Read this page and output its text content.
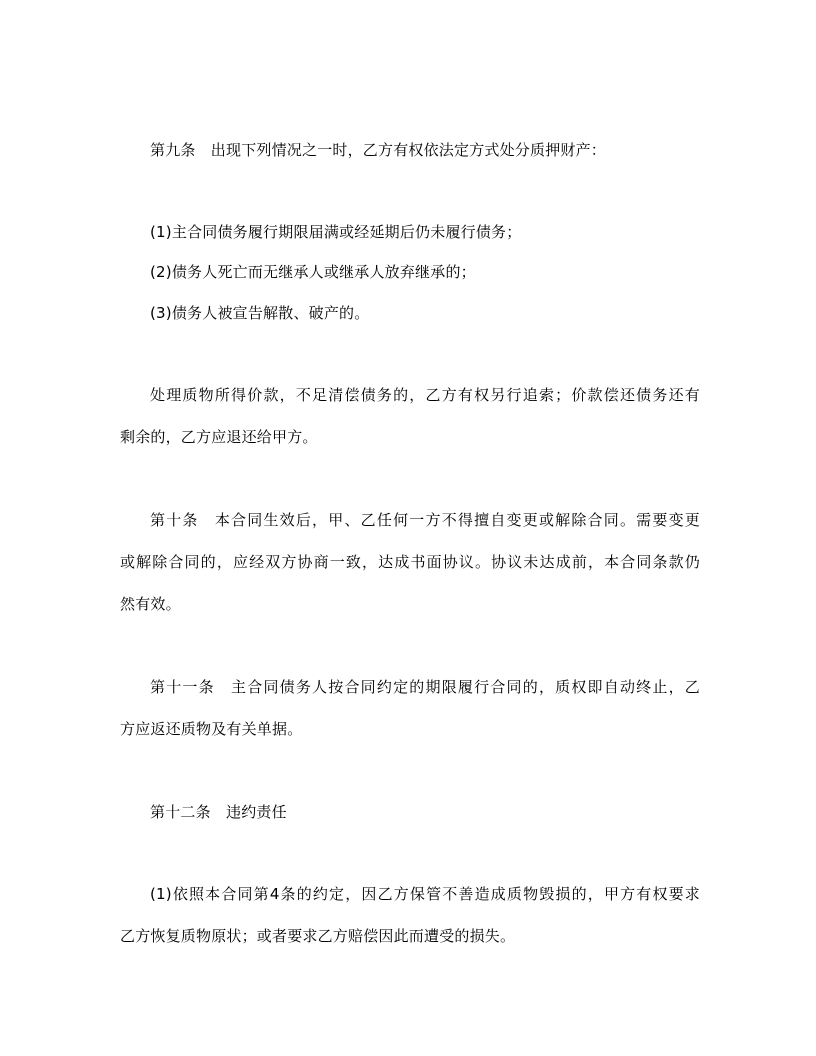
第九条　出现下列情况之一时，乙方有权依法定方式处分质押财产：
(1)主合同债务履行期限届满或经延期后仍未履行债务；
(2)债务人死亡而无继承人或继承人放弃继承的；
(3)债务人被宣告解散、破产的。
处理质物所得价款，不足清偿债务的，乙方有权另行追索；价款偿还债务还有
剩余的，乙方应退还给甲方。
第十条　本合同生效后，甲、乙任何一方不得擅自变更或解除合同。需要变更
或解除合同的，应经双方协商一致，达成书面协议。协议未达成前，本合同条款仍
然有效。
第十一条　主合同债务人按合同约定的期限履行合同的，质权即自动终止，乙
方应返还质物及有关单据。
第十二条　违约责任
(1)依照本合同第4条的约定，因乙方保管不善造成质物毁损的，甲方有权要求
乙方恢复质物原状；或者要求乙方赔偿因此而遭受的损失。
